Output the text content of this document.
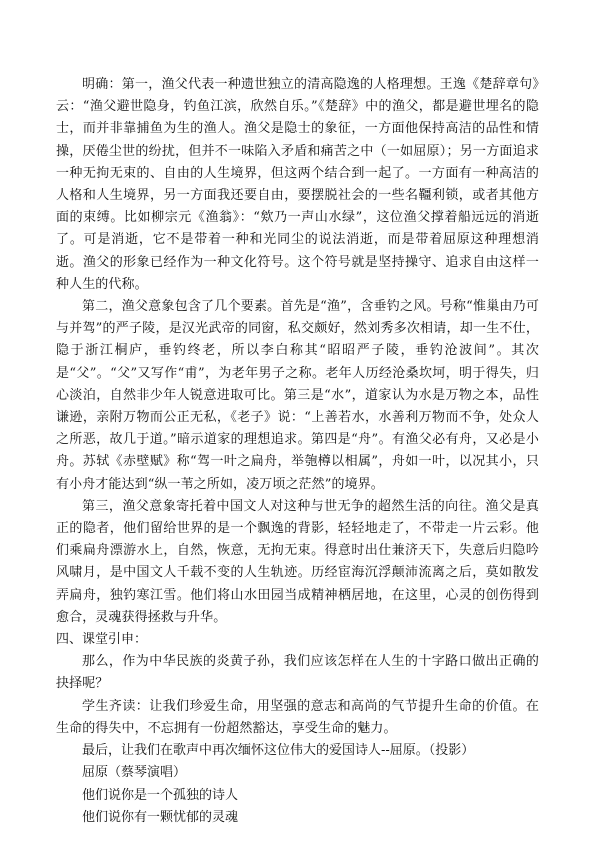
明确：第一，渔父代表一种遗世独立的清高隐逸的人格理想。王逸《楚辞章句》云：“渔父避世隐身，钓鱼江滨，欣然自乐。”《楚辞》中的渔父，都是避世埋名的隐士，而并非靠捕鱼为生的渔人。渔父是隐士的象征，一方面他保持高洁的品性和情操，厌倦尘世的纷扰，但并不一味陷入矛盾和痛苦之中（一如屈原）；另一方面追求一种无拘无束的、自由的人生境界，但这两个结合到一起了。一方面有一种高洁的人格和人生境界，另一方面我还要自由，要摆脱社会的一些名韁利锁，或者其他方面的束缚。比如柳宗元《渔翁》：“欸乃一声山水绿”，这位渔父撑着船远远的消逝了。可是消逝，它不是带着一种和光同尘的说法消逝，而是带着屈原这种理想消逝。渔父的形象已经作为一种文化符号。这个符号就是坚持操守、追求自由这样一种人生的代称。

第二，渔父意象包含了几个要素。首先是“渔”，含垂钓之风。号称“惟巢由乃可与并驾”的严子陵，是汉光武帝的同窗，私交颇好，然刘秀多次相请，却一生不仕，隐于浙江桐庐，垂钓终老，所以李白称其“昭昭严子陵，垂钓沧波间”。其次是“父”。“父”又写作“甫”，为老年男子之称。老年人历经沧桑坎坷，明于得失，归心淡泊，自然非少年人锐意进取可比。第三是“水”，道家认为水是万物之本，品性谦逊，亲附万物而公正无私，《老子》说：“上善若水，水善利万物而不争，处众人之所恶，故几于道。”暗示道家的理想追求。第四是“舟”。有渔父必有舟，又必是小舟。苏轼《赤壁赋》称“驾一叶之扁舟，举匏樽以相属”，舟如一叶，以况其小，只有小舟才能达到“纵一苇之所如，凌万顷之茫然”的境界。

第三，渔父意象寄托着中国文人对这种与世无争的超然生活的向往。渔父是真正的隐者，他们留给世界的是一个飘逸的背影，轻轻地走了，不带走一片云彩。他们乘扁舟漂游水上，自然，恢意，无拘无束。得意时出仕兼济天下，失意后归隐吟风啸月，是中国文人千载不变的人生轨迹。历经宦海沉浮颠沛流离之后，莫如散发弄扁舟，独钓寒江雪。他们将山水田园当成精神栖居地，在这里，心灵的创伤得到愈合，灵魂获得拯救与升华。

四、课堂引申：

那么，作为中华民族的炎黄子孙，我们应该怎样在人生的十字路口做出正确的抉择呢？

学生齐读：让我们珍爱生命，用坚强的意志和高尚的气节提升生命的价值。在生命的得失中，不忘拥有一份超然豁达，享受生命的魅力。

最后，让我们在歌声中再次缅怀这位伟大的爱国诗人--屈原。（投影）

屈原（蔡琴演唱）

他们说你是一个孤独的诗人

他们说你有一颗忧郁的灵魂
